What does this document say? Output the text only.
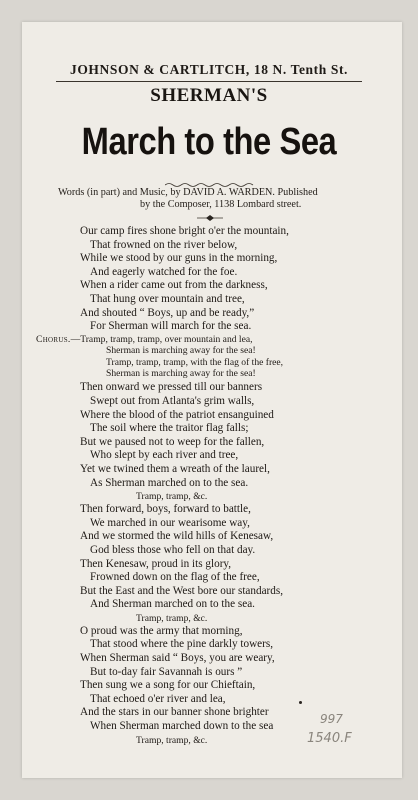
JOHNSON & CARTLITCH, 18 N. Tenth St.
SHERMAN'S
March to the Sea
Words (in part) and Music, by DAVID A. WARDEN. Published
by the Composer, 1138 Lombard street.
Our camp fires shone bright o'er the mountain,
That frowned on the river below,
While we stood by our guns in the morning,
And eagerly watched for the foe.
When a rider came out from the darkness,
That hung over mountain and tree,
And shouted “ Boys, up and be ready,”
For Sherman will march for the sea.
Chorus.—Tramp, tramp, tramp, over mountain and lea,
Sherman is marching away for the sea!
Tramp, tramp, tramp, with the flag of the free,
Sherman is marching away for the sea!
Then onward we pressed till our banners
Swept out from Atlanta's grim walls,
Where the blood of the patriot ensanguined
The soil where the traitor flag falls;
But we paused not to weep for the fallen,
Who slept by each river and tree,
Yet we twined them a wreath of the laurel,
As Sherman marched on to the sea.
Tramp, tramp, &c.
Then forward, boys, forward to battle,
We marched in our wearisome way,
And we stormed the wild hills of Kenesaw,
God bless those who fell on that day.
Then Kenesaw, proud in its glory,
Frowned down on the flag of the free,
But the East and the West bore our standards,
And Sherman marched on to the sea.
Tramp, tramp, &c.
O proud was the army that morning,
That stood where the pine darkly towers,
When Sherman said “ Boys, you are weary,
But to-day fair Savannah is ours ”
Then sung we a song for our Chieftain,
That echoed o'er river and lea,
And the stars in our banner shone brighter
When Sherman marched down to the sea
Tramp, tramp, &c.
997
1540.F
